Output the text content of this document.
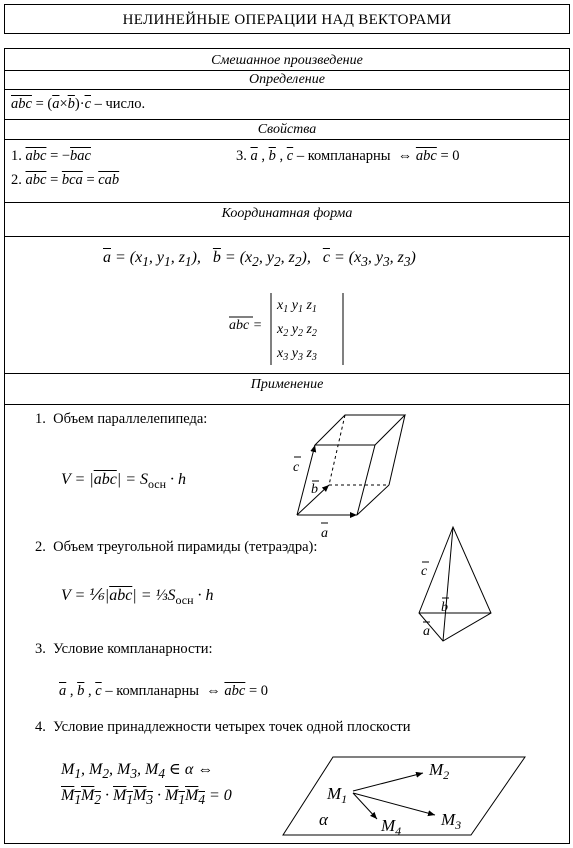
НЕЛИНЕЙНЫЕ ОПЕРАЦИИ НАД ВЕКТОРАМИ
Смешанное произведение
Определение
$\overline{abc} = (\overline{a}\times\overline{b})\cdot\overline{c}$ – число.
Свойства
1. $\overline{abc} = -\overline{bac}$
2. $\overline{abc} = \overline{bca} = \overline{cab}$
3. $\overline{a}$ , $\overline{b}$ , $\overline{c}$ – компланарны  ⇔ $\overline{abc} = 0$
Координатная форма
$\overline{a} = (x_1$, $y_1$, $z_1$),   $\overline{b} = (x_2$, $y_2$, $z_2$),   $\overline{c} = (x_3$, $y_3$, $z_3$)
abc =
$x_1$ $y_1$ $z_1$
$x_2$ $y_2$ $z_2$
$x_3$ $y_3$ $z_3$
Применение
1. Объем параллелепипеда:
$V = |\overline{abc}| = S_{осн} \cdot h$
c
b
a
2. Объем треугольной пирамиды (тетраэдра):
$V = \frac{1}{6}|\overline{abc}|$ = $\frac{1}{3}S_{осн} \cdot h$
c
b
a
3. Условие компланарности:
$\overline{a}$ , $\overline{b}$ , $\overline{c}$ – компланарны  ⇔ $\overline{abc} = 0$
4. Условие принадлежности четырех точек одной плоскости
$M_1$, $M_2$, $M_3$, $M_4$ ∈ α ⇔
$M_1M_2 \cdot M_1M_3 \cdot M_1M_4 = 0$	$M_1$
$M_2$
$M_3$
$M_4$
α
